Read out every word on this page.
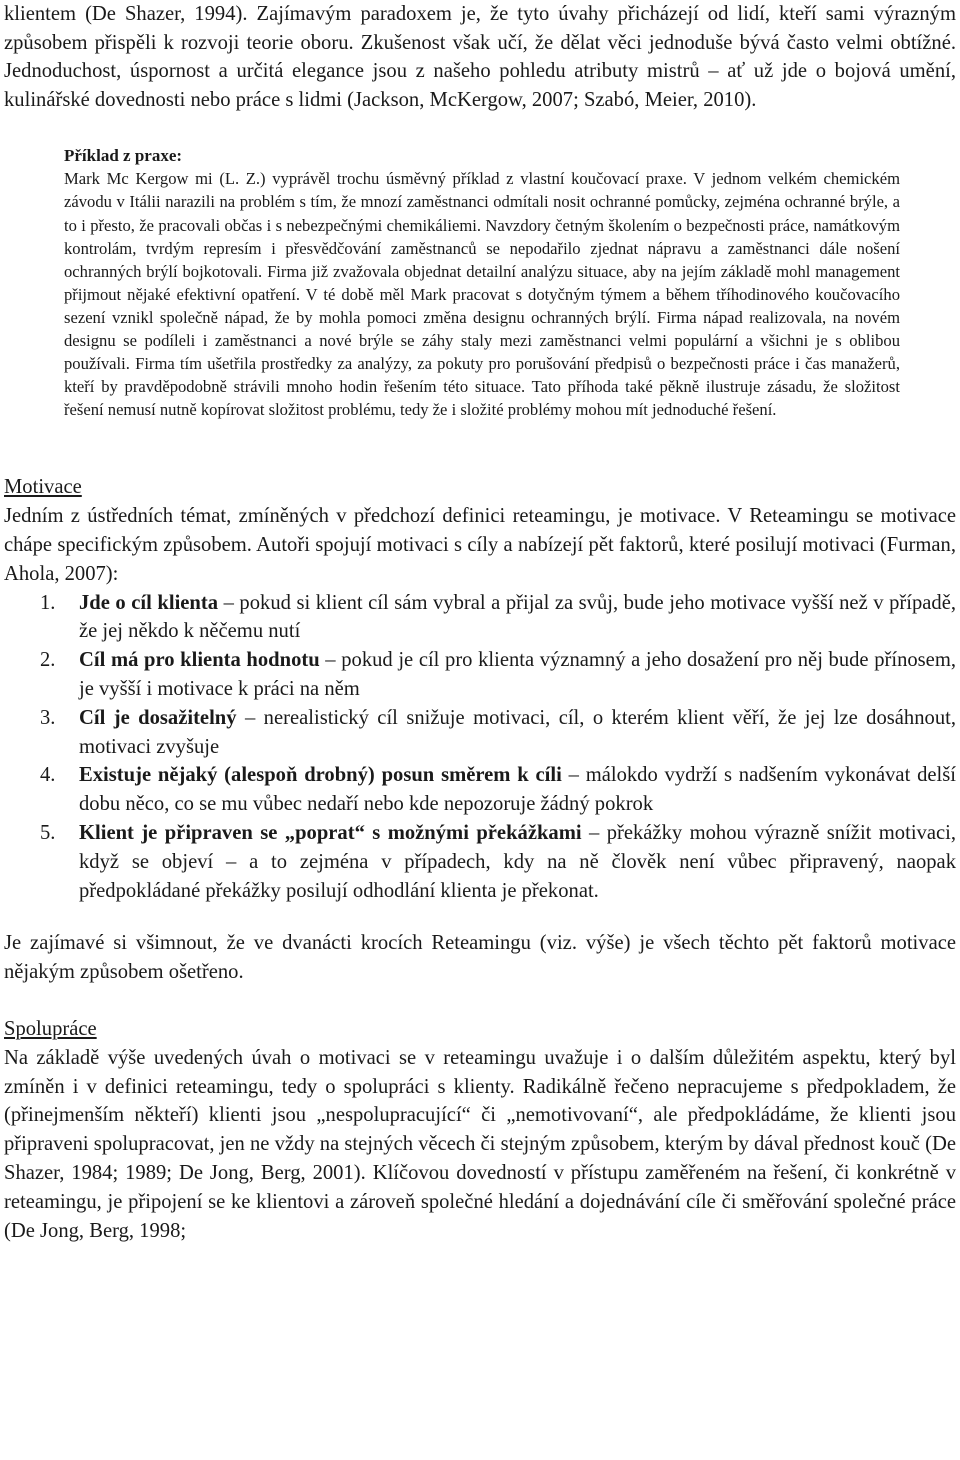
klientem (De Shazer, 1994). Zajímavým paradoxem je, že tyto úvahy přicházejí od lidí, kteří sami výrazným způsobem přispěli k rozvoji teorie oboru. Zkušenost však učí, že dělat věci jednoduše bývá často velmi obtížné. Jednoduchost, úspornost a určitá elegance jsou z našeho pohledu atributy mistrů – ať už jde o bojová umění, kulinářské dovednosti nebo práce s lidmi (Jackson, McKergow, 2007; Szabó, Meier, 2010).

Příklad z praxe:

Mark Mc Kergow mi (L. Z.) vyprávěl trochu úsměvný příklad z vlastní koučovací praxe. V jednom velkém chemickém závodu v Itálii narazili na problém s tím, že mnozí zaměstnanci odmítali nosit ochranné pomůcky, zejména ochranné brýle, a to i přesto, že pracovali občas i s nebezpečnými chemikáliemi. Navzdory četným školením o bezpečnosti práce, namátkovým kontrolám, tvrdým represím i přesvědčování zaměstnanců se nepodařilo zjednat nápravu a zaměstnanci dále nošení ochranných brýlí bojkotovali. Firma již zvažovala objednat detailní analýzu situace, aby na jejím základě mohl management přijmout nějaké efektivní opatření. V té době měl Mark pracovat s dotyčným týmem a během tříhodinového koučovacího sezení vznikl společně nápad, že by mohla pomoci změna designu ochranných brýlí. Firma nápad realizovala, na novém designu se podíleli i zaměstnanci a nové brýle se záhy staly mezi zaměstnanci velmi populární a všichni je s oblibou používali. Firma tím ušetřila prostředky za analýzy, za pokuty pro porušování předpisů o bezpečnosti práce i čas manažerů, kteří by pravděpodobně strávili mnoho hodin řešením této situace. Tato příhoda také pěkně ilustruje zásadu, že složitost řešení nemusí nutně kopírovat složitost problému, tedy že i složité problémy mohou mít jednoduché řešení.

Motivace

Jedním z ústředních témat, zmíněných v předchozí definici reteamingu, je motivace. V Reteamingu se motivace chápe specifickým způsobem. Autoři spojují motivaci s cíly a nabízejí pět faktorů, které posilují motivaci (Furman, Ahola, 2007):

1. Jde o cíl klienta – pokud si klient cíl sám vybral a přijal za svůj, bude jeho motivace vyšší než v případě, že jej někdo k něčemu nutí
2. Cíl má pro klienta hodnotu – pokud je cíl pro klienta významný a jeho dosažení pro něj bude přínosem, je vyšší i motivace k práci na něm
3. Cíl je dosažitelný – nerealistický cíl snižuje motivaci, cíl, o kterém klient věří, že jej lze dosáhnout, motivaci zvyšuje
4. Existuje nějaký (alespoň drobný) posun směrem k cíli – málokdo vydrží s nadšením vykonávat delší dobu něco, co se mu vůbec nedaří nebo kde nepozoruje žádný pokrok
5. Klient je připraven se „poprat“ s možnými překážkami – překážky mohou výrazně snížit motivaci, když se objeví – a to zejména v případech, kdy na ně člověk není vůbec připravený, naopak předpokládané překážky posilují odhodlání klienta je překonat.

Je zajímavé si všimnout, že ve dvanácti krocích Reteamingu (viz. výše) je všech těchto pět faktorů motivace nějakým způsobem ošetřeno.

Spolupráce

Na základě výše uvedených úvah o motivaci se v reteamingu uvažuje i o dalším důležitém aspektu, který byl zmíněn i v definici reteamingu, tedy o spolupráci s klienty. Radikálně řečeno nepracujeme s předpokladem, že (přinejmenším někteří) klienti jsou „nespolupracující“ či „nemotivovaní“, ale předpokládáme, že klienti jsou připraveni spolupracovat, jen ne vždy na stejných věcech či stejným způsobem, kterým by dával přednost kouč (De Shazer, 1984; 1989; De Jong, Berg, 2001). Klíčovou dovedností v přístupu zaměřeném na řešení, či konkrétně v reteamingu, je připojení se ke klientovi a zároveň společné hledání a dojednávání cíle či směřování společné práce (De Jong, Berg, 1998;
